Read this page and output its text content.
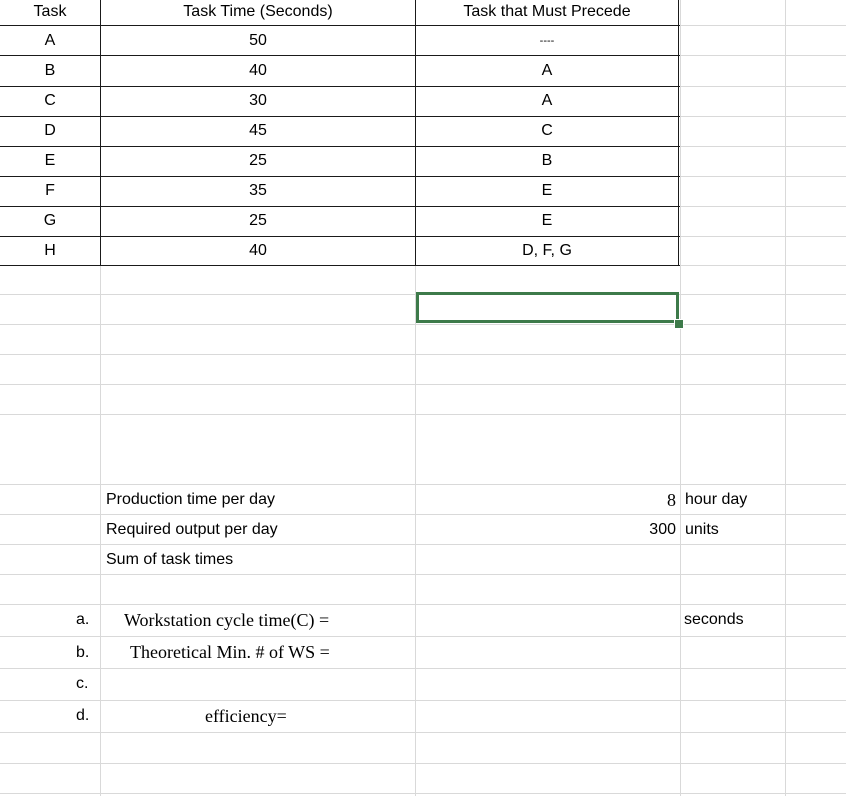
Task	Task Time (Seconds)	Task that Must Precede
A	50	----
B	40	A
C	30	A
D	45	C
E	25	B
F	35	E
G	25	E
H	40	D, F, G
Production time per day	8 hour day
Required output per day	300 units
Sum of task times
a.	Workstation cycle time(C) =	seconds
b.	Theoretical Min. # of WS =
c.
d.	efficiency=
